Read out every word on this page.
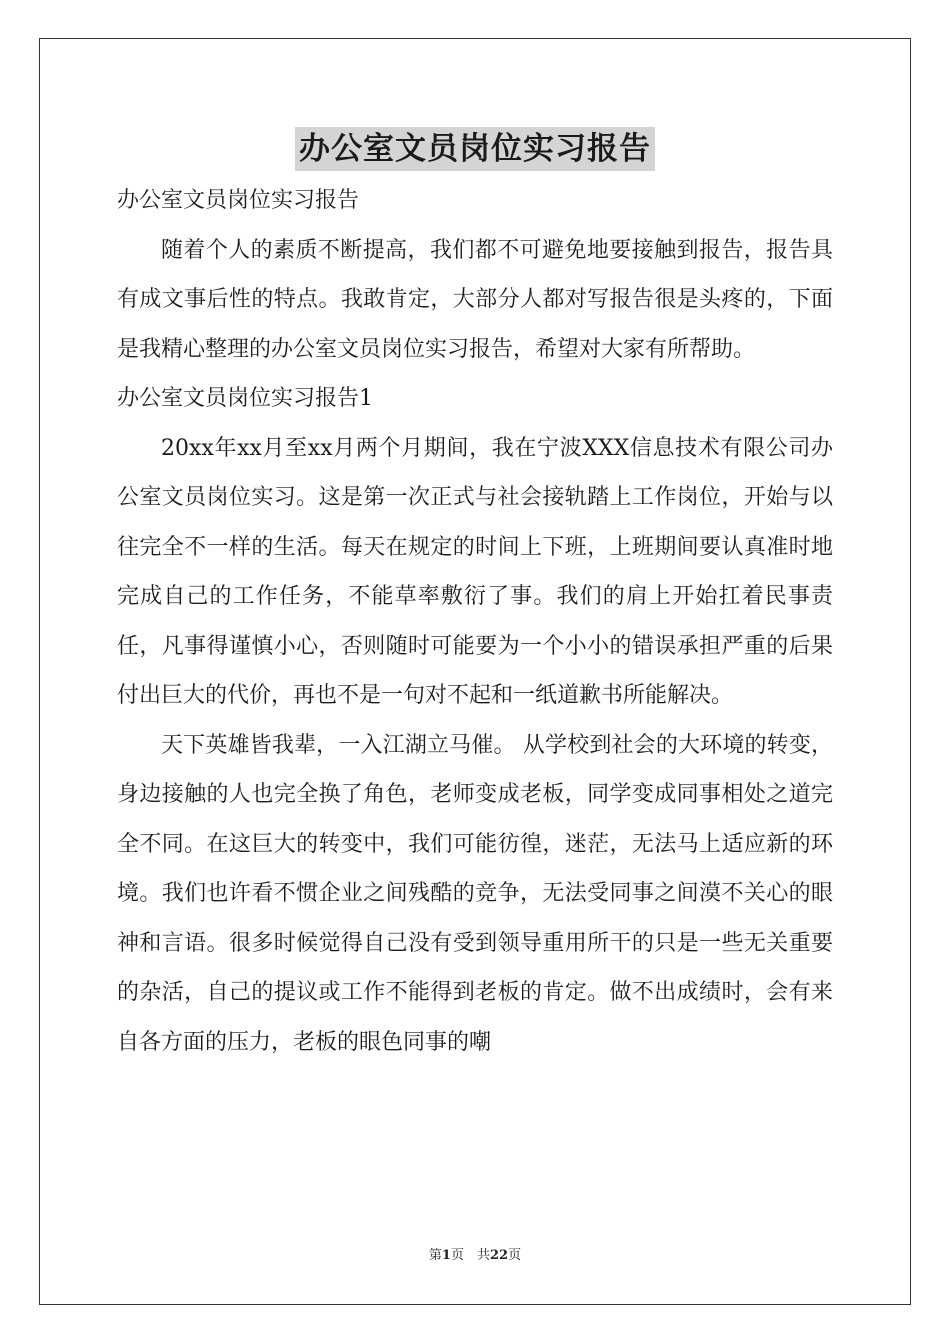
办公室文员岗位实习报告

办公室文员岗位实习报告

随着个人的素质不断提高，我们都不可避免地要接触到报告，报告具有成文事后性的特点。我敢肯定，大部分人都对写报告很是头疼的，下面是我精心整理的办公室文员岗位实习报告，希望对大家有所帮助。

办公室文员岗位实习报告1

20xx年xx月至xx月两个月期间，我在宁波XXX信息技术有限公司办公室文员岗位实习。这是第一次正式与社会接轨踏上工作岗位，开始与以往完全不一样的生活。每天在规定的时间上下班，上班期间要认真准时地完成自己的工作任务，不能草率敷衍了事。我们的肩上开始扛着民事责任，凡事得谨慎小心，否则随时可能要为一个小小的错误承担严重的后果付出巨大的代价，再也不是一句对不起和一纸道歉书所能解决。

天下英雄皆我辈，一入江湖立马催。 从学校到社会的大环境的转变，身边接触的人也完全换了角色，老师变成老板，同学变成同事相处之道完全不同。在这巨大的转变中，我们可能彷徨，迷茫，无法马上适应新的环境。我们也许看不惯企业之间残酷的竞争，无法受同事之间漠不关心的眼神和言语。很多时候觉得自己没有受到领导重用所干的只是一些无关重要的杂活，自己的提议或工作不能得到老板的肯定。做不出成绩时，会有来自各方面的压力，老板的眼色同事的嘲

第1页　共22页
